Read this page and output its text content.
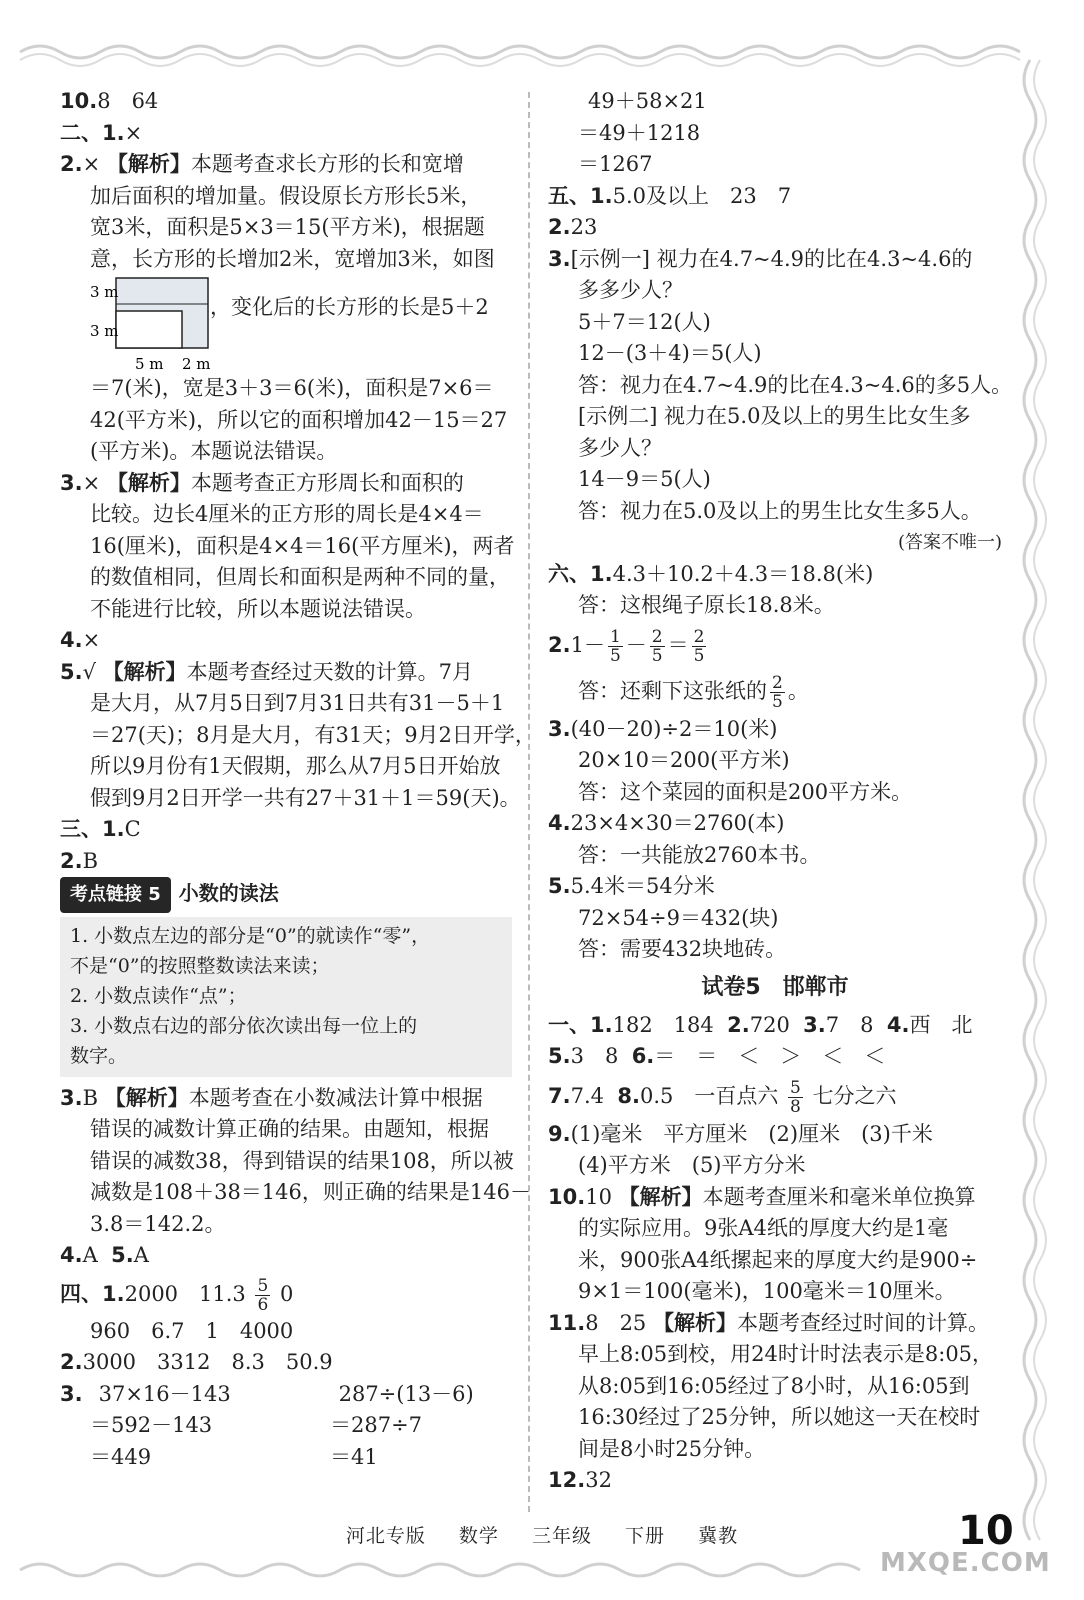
10.8　64
二、1.×
2.× 【解析】本题考查求长方形的长和宽增
加后面积的增加量。假设原长方形长5米，
宽3米，面积是5×3＝15(平方米)，根据题
意，长方形的长增加2米，宽增加3米，如图
3 m
3 m
5 m 2 m
，变化后的长方形的长是5＋2
＝7(米)，宽是3＋3＝6(米)，面积是7×6＝
42(平方米)，所以它的面积增加42－15＝27
(平方米)。本题说法错误。
3.× 【解析】本题考查正方形周长和面积的
比较。边长4厘米的正方形的周长是4×4＝
16(厘米)，面积是4×4＝16(平方厘米)，两者
的数值相同，但周长和面积是两种不同的量，
不能进行比较，所以本题说法错误。
4.×
5.√ 【解析】本题考查经过天数的计算。7月
是大月，从7月5日到7月31日共有31－5＋1
＝27(天)；8月是大月，有31天；9月2日开学，
所以9月份有1天假期，那么从7月5日开始放
假到9月2日开学一共有27＋31＋1＝59(天)。
三、1.C
2.B
考点链接 5 小数的读法
1. 小数点左边的部分是“0”的就读作“零”，
不是“0”的按照整数读法来读；
2. 小数点读作“点”；
3. 小数点右边的部分依次读出每一位上的
数字。
3.B 【解析】本题考查在小数减法计算中根据
错误的减数计算正确的结果。由题知，根据
错误的减数38，得到错误的结果108，所以被
减数是108＋38＝146，则正确的结果是146－
3.8＝142.2。
4.A 5.A
四、1.2000　$11.3 \frac{5}{6} 0$
960　6.7　1　4000
2.3000　3312　8.3　50.9
3. 37×16－143	287÷(13－6)
＝592－143	＝287÷7
＝449	＝41
49＋58×21
＝49＋1218
＝1267
五、1.5.0及以上　23　7
2.23
3.[示例一] 视力在4.7~4.9的比在4.3~4.6的
多多少人？
5＋7＝12(人)
12－(3＋4)＝5(人)
答：视力在4.7~4.9的比在4.3~4.6的多5人。
[示例二] 视力在5.0及以上的男生比女生多
多少人？
14－9＝5(人)
答：视力在5.0及以上的男生比女生多5人。
(答案不唯一)
六、1.4.3＋10.2＋4.3＝18.8(米)
答：这根绳子原长18.8米。
$2.1- \frac{1}{5} - \frac{2}{5} = \frac{2}{5}$
答：还剩下这张纸的 $\frac{2}{5}$ 。
3.(40－20)÷2＝10(米)
20×10＝200(平方米)
答：这个菜园的面积是200平方米。
4.23×4×30＝2760(本)
答：一共能放2760本书。
5.5.4米＝54分米
72×54÷9＝432(块)
答：需要432块地砖。
试卷5　邯郸市
一、1.182　184 2.720 3.7　8 4.西　北
5.3　8 6.＝　＝　＜　＞　＜　＜
7.7.4 8.0.5　一百点六 $\frac{5}{8}$ 七分之六
9.(1)毫米　平方厘米　(2)厘米　(3)千米
(4)平方米　(5)平方分米
10.10 【解析】本题考查厘米和毫米单位换算
的实际应用。9张A4纸的厚度大约是1毫
米，900张A4纸摞起来的厚度大约是900÷
9×1＝100(毫米)，100毫米＝10厘米。
11.8　25 【解析】本题考查经过时间的计算。
早上8:05到校，用24时计时法表示是8:05，
从8:05到16:05经过了8小时，从16:05到
16:30经过了25分钟，所以她这一天在校时
间是8小时25分钟。
12.32
河北专版 数学 三年级 下册 冀教	10
MXQE.COM
